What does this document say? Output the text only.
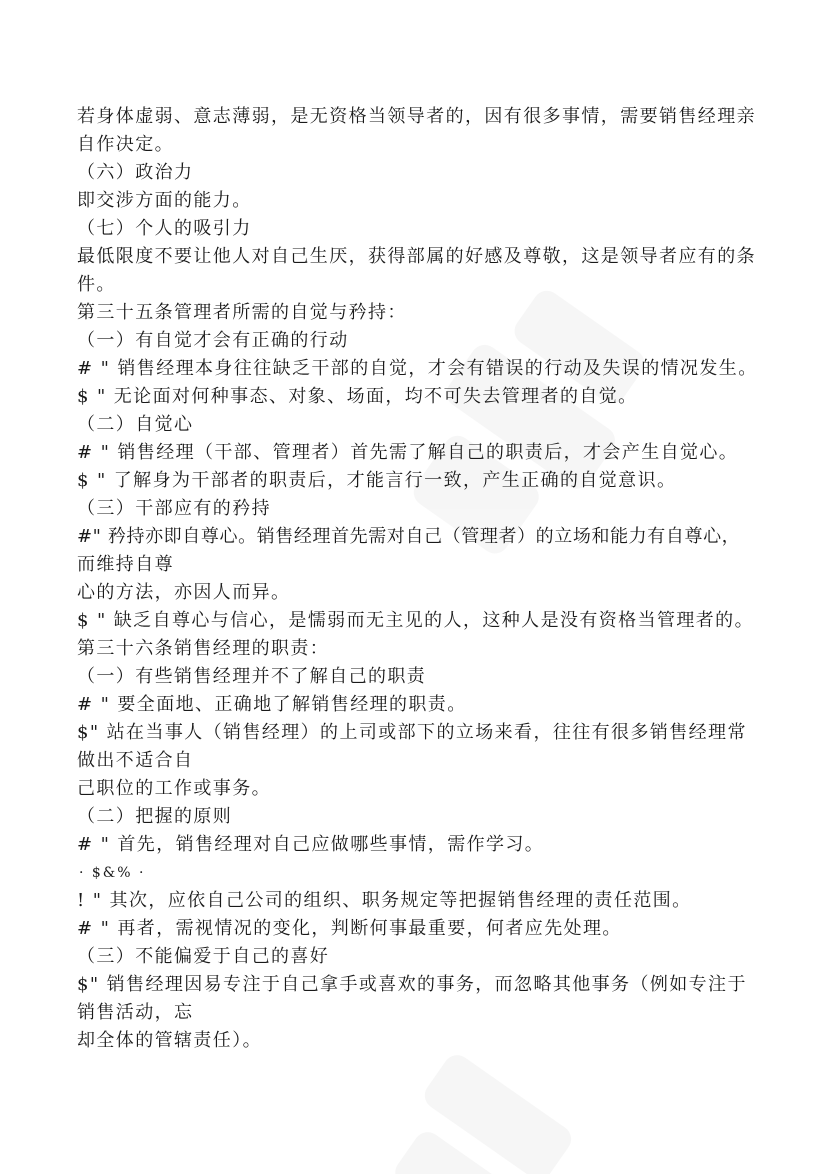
若身体虚弱、意志薄弱，是无资格当领导者的，因有很多事情，需要销售经理亲
自作决定。
（六）政治力
即交涉方面的能力。
（七）个人的吸引力
最低限度不要让他人对自己生厌，获得部属的好感及尊敬，这是领导者应有的条
件。
第三十五条管理者所需的自觉与矜持：
（一）有自觉才会有正确的行动
# " 销售经理本身往往缺乏干部的自觉，才会有错误的行动及失误的情况发生。
$ " 无论面对何种事态、对象、场面，均不可失去管理者的自觉。
（二）自觉心
# " 销售经理（干部、管理者）首先需了解自己的职责后，才会产生自觉心。
$ " 了解身为干部者的职责后，才能言行一致，产生正确的自觉意识。
（三）干部应有的矜持
#" 矜持亦即自尊心。销售经理首先需对自己（管理者）的立场和能力有自尊心，
而维持自尊
心的方法，亦因人而异。
$ " 缺乏自尊心与信心，是懦弱而无主见的人，这种人是没有资格当管理者的。
第三十六条销售经理的职责：
（一）有些销售经理并不了解自己的职责
# " 要全面地、正确地了解销售经理的职责。
$" 站在当事人（销售经理）的上司或部下的立场来看，往往有很多销售经理常
做出不适合自
己职位的工作或事务。
（二）把握的原则
# " 首先，销售经理对自己应做哪些事情，需作学习。
· $&% ·
! " 其次，应依自己公司的组织、职务规定等把握销售经理的责任范围。
# " 再者，需视情况的变化，判断何事最重要，何者应先处理。
（三）不能偏爱于自己的喜好
$" 销售经理因易专注于自己拿手或喜欢的事务，而忽略其他事务（例如专注于
销售活动，忘
却全体的管辖责任）。
